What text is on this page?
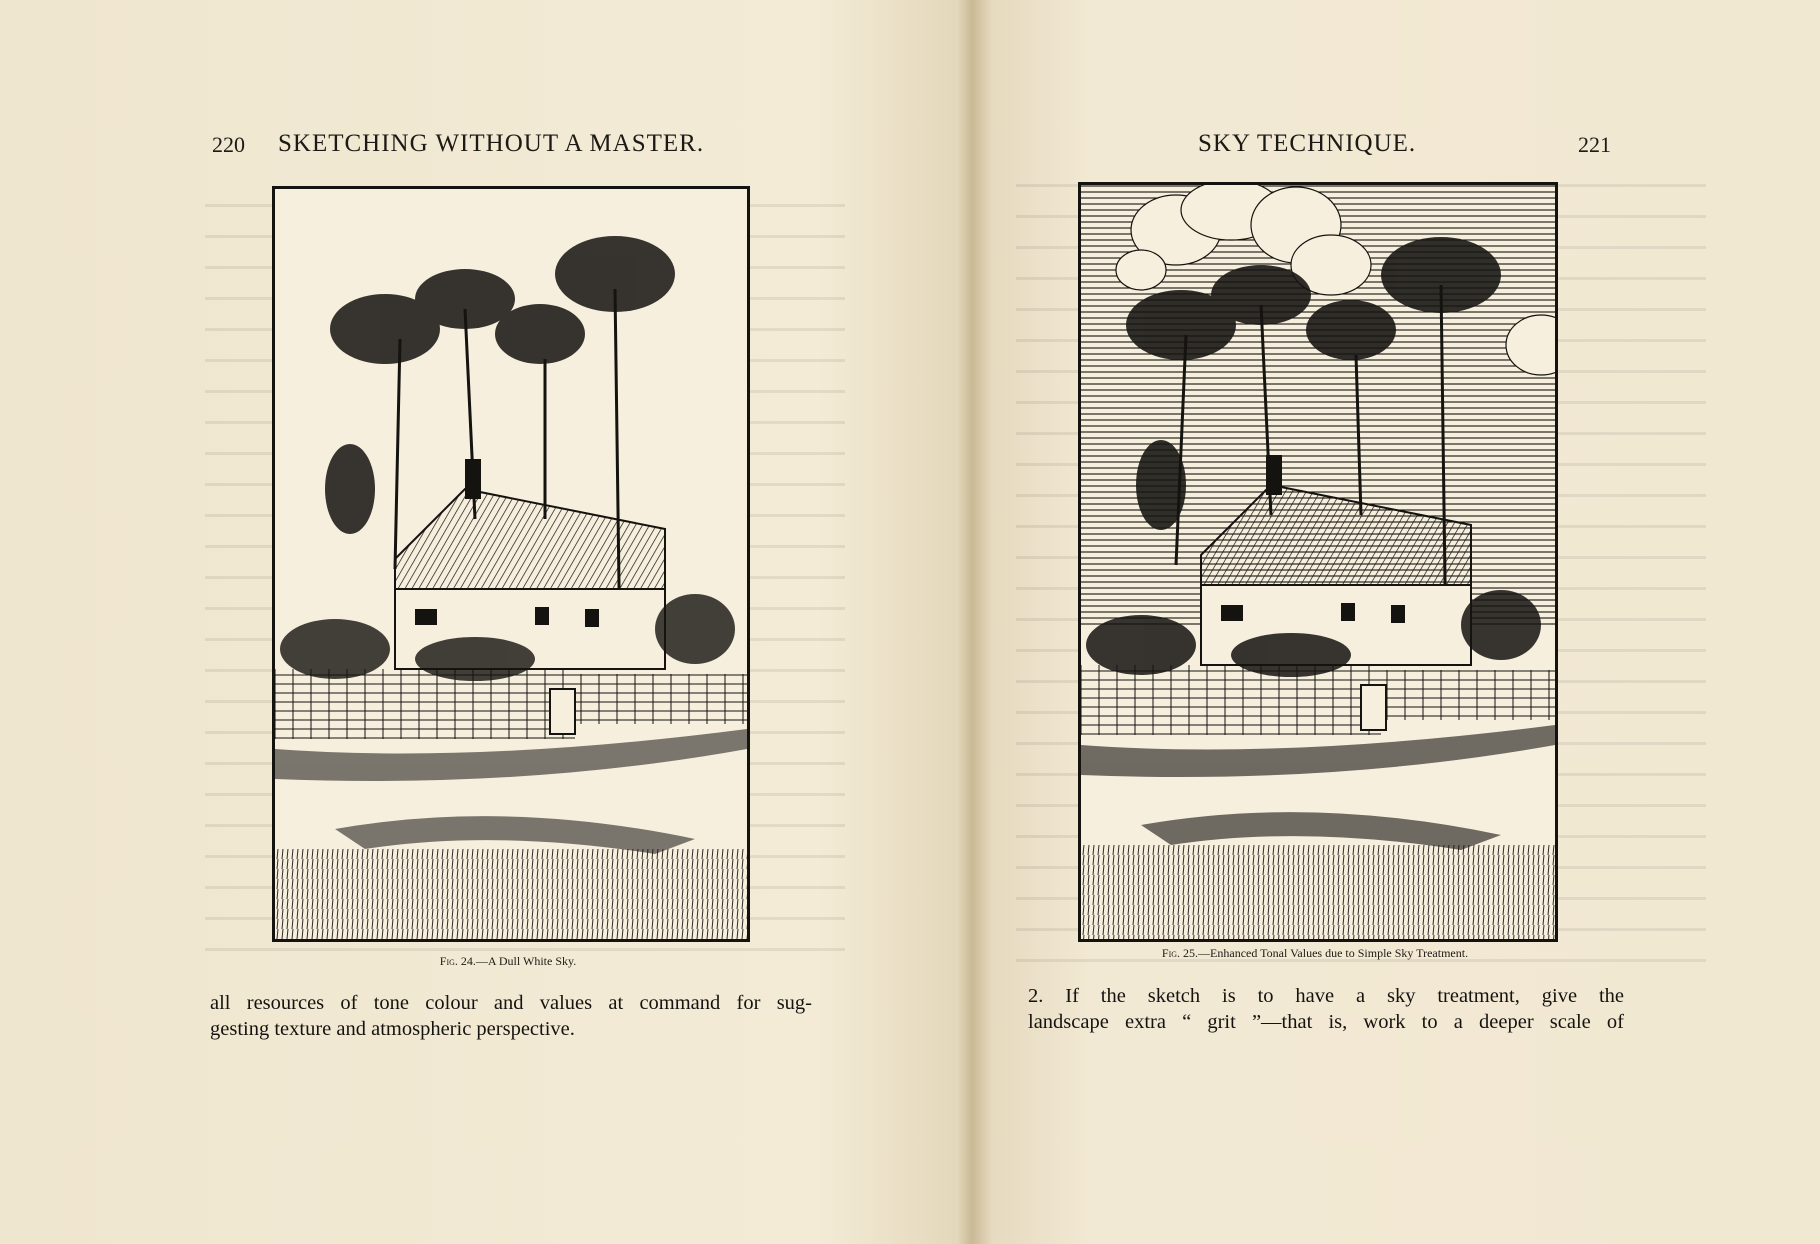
220 SKETCHING WITHOUT A MASTER.
Fig. 24.—A Dull White Sky.
all resources of tone colour and values at command for sug-
gesting texture and atmospheric perspective.
SKY TECHNIQUE.	221
Fig. 25.—Enhanced Tonal Values due to Simple Sky Treatment.
2. If the sketch is to have a sky treatment, give the
landscape extra “ grit ”—that is, work to a deeper scale of
